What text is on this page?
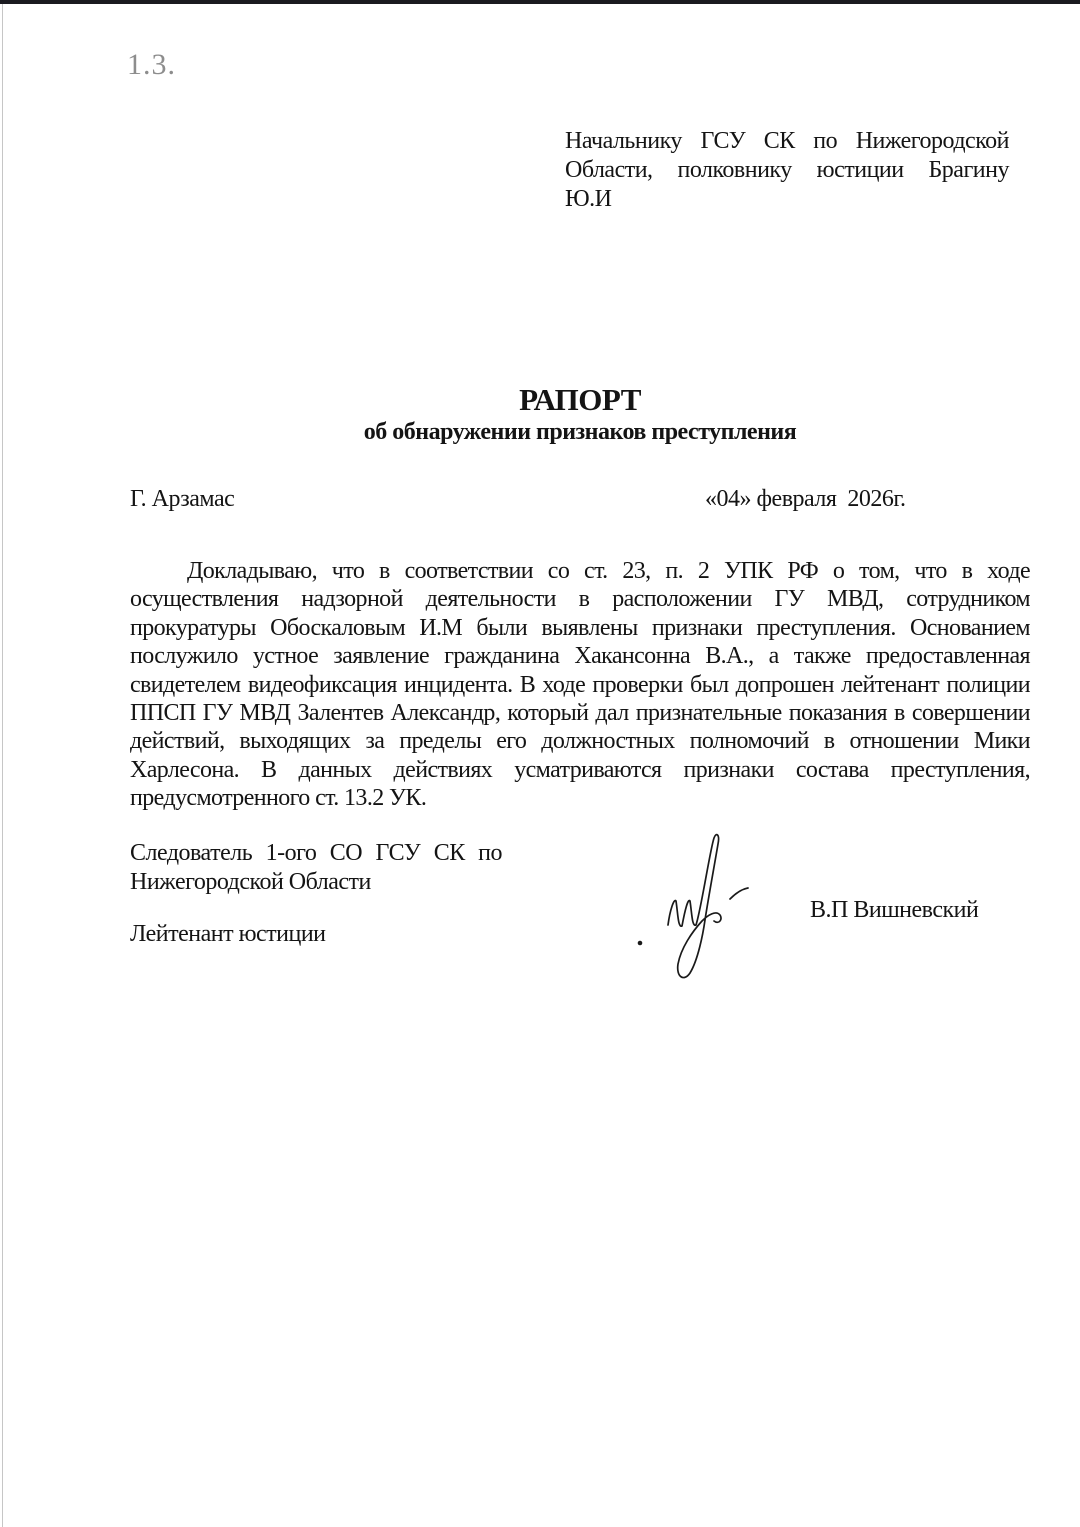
1.3.
Начальнику ГСУ СК по Нижегородской
Области, полковнику юстиции Брагину
Ю.И
РАПОРТ
об обнаружении признаков преступления
Г. Арзамас	«04» февраля  2026г.
Докладываю, что в соответствии со ст. 23, п. 2 УПК РФ о том, что в ходе осуществления надзорной деятельности в расположении ГУ МВД, сотрудником прокуратуры Обоскаловым И.М были выявлены признаки преступления. Основанием послужило устное заявление гражданина Хакансонна В.А., а также предоставленная свидетелем видеофиксация инцидента. В ходе проверки был допрошен лейтенант полиции ППСП ГУ МВД Залентев Александр, который дал признательные показания в совершении действий, выходящих за пределы его должностных полномочий в отношении Мики Харлесона. В данных действиях усматриваются признаки состава преступления, предусмотренного ст. 13.2 УК.
Следователь 1-ого СО ГСУ СК по
Нижегородской Области
Лейтенант юстиции
В.П Вишневский
